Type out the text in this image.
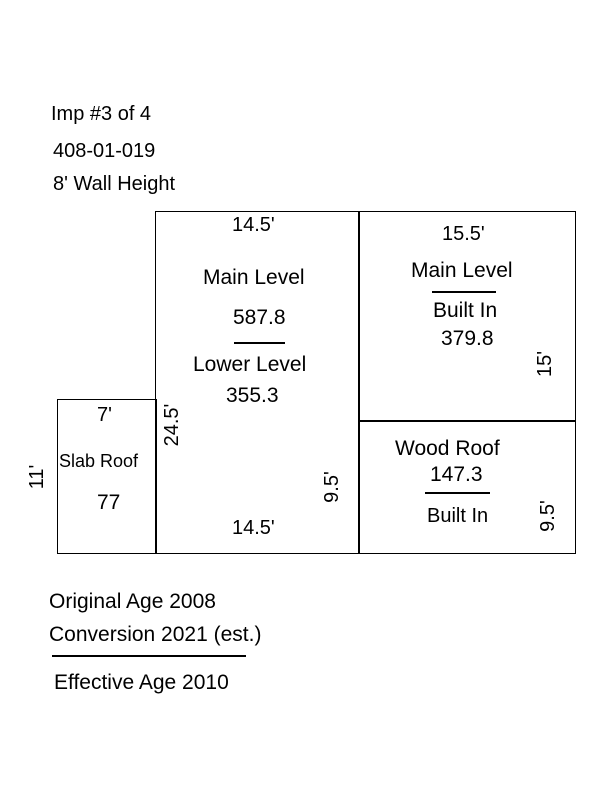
Imp #3 of 4
408-01-019
8' Wall Height
14.5'
Main Level
587.8
Lower Level
355.3
24.5'
9.5'
14.5'
15.5'
Main Level
Built In
379.8
15'
Wood Roof
147.3
Built In 9.5'
7'
Slab Roof
77
11'
Original Age 2008
Conversion 2021 (est.)
Effective Age 2010
